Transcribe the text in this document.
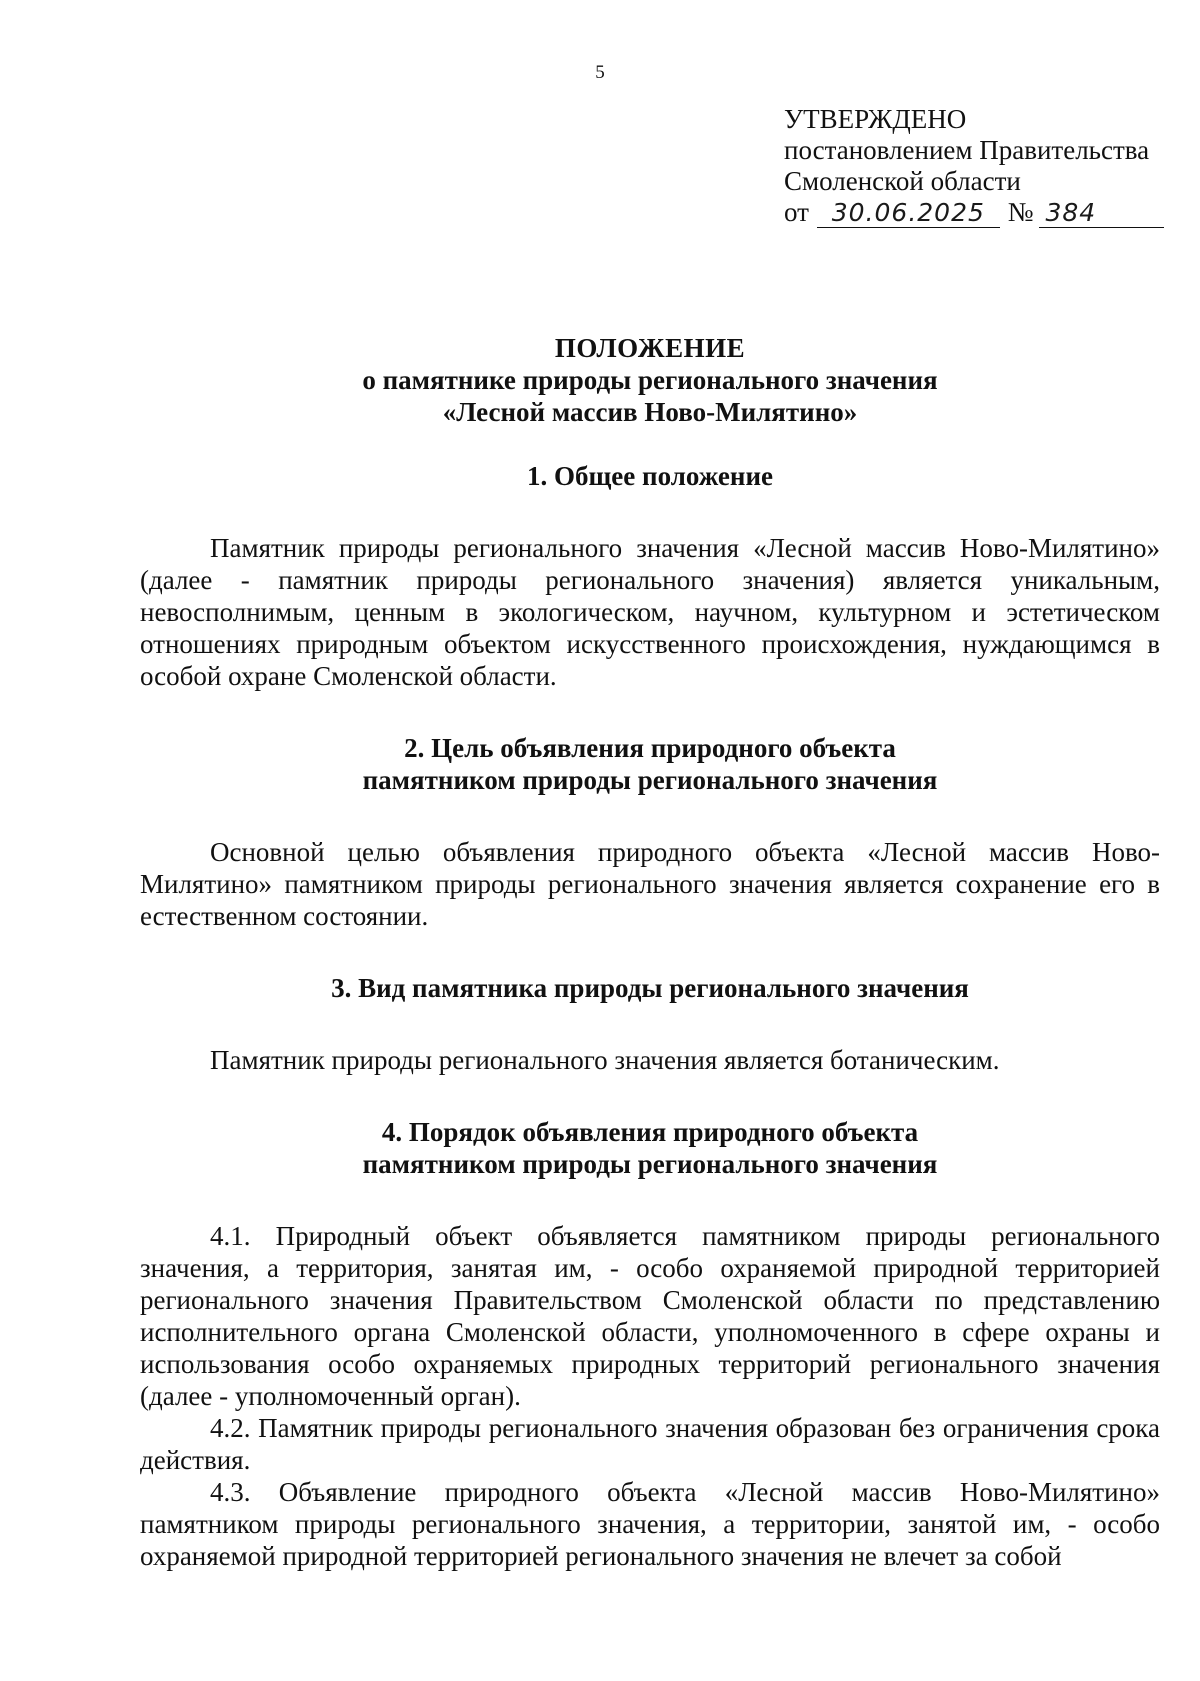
5
УТВЕРЖДЕНО
постановлением Правительства
Смоленской области
от 30.06.2025 № 384
ПОЛОЖЕНИЕ
о памятнике природы регионального значения
«Лесной массив Ново-Милятино»
1. Общее положение

Памятник природы регионального значения «Лесной массив Ново-Милятино» (далее - памятник природы регионального значения) является уникальным, невосполнимым, ценным в экологическом, научном, культурном и эстетическом отношениях природным объектом искусственного происхождения, нуждающимся в особой охране Смоленской области.

2. Цель объявления природного объекта
памятником природы регионального значения

Основной целью объявления природного объекта «Лесной массив Ново-Милятино» памятником природы регионального значения является сохранение его в естественном состоянии.

3. Вид памятника природы регионального значения

Памятник природы регионального значения является ботаническим.

4. Порядок объявления природного объекта
памятником природы регионального значения

4.1. Природный объект объявляется памятником природы регионального значения, а территория, занятая им, - особо охраняемой природной территорией регионального значения Правительством Смоленской области по представлению исполнительного органа Смоленской области, уполномоченного в сфере охраны и использования особо охраняемых природных территорий регионального значения (далее - уполномоченный орган).

4.2. Памятник природы регионального значения образован без ограничения срока действия.

4.3. Объявление природного объекта «Лесной массив Ново-Милятино» памятником природы регионального значения, а территории, занятой им, - особо охраняемой природной территорией регионального значения не влечет за собой
